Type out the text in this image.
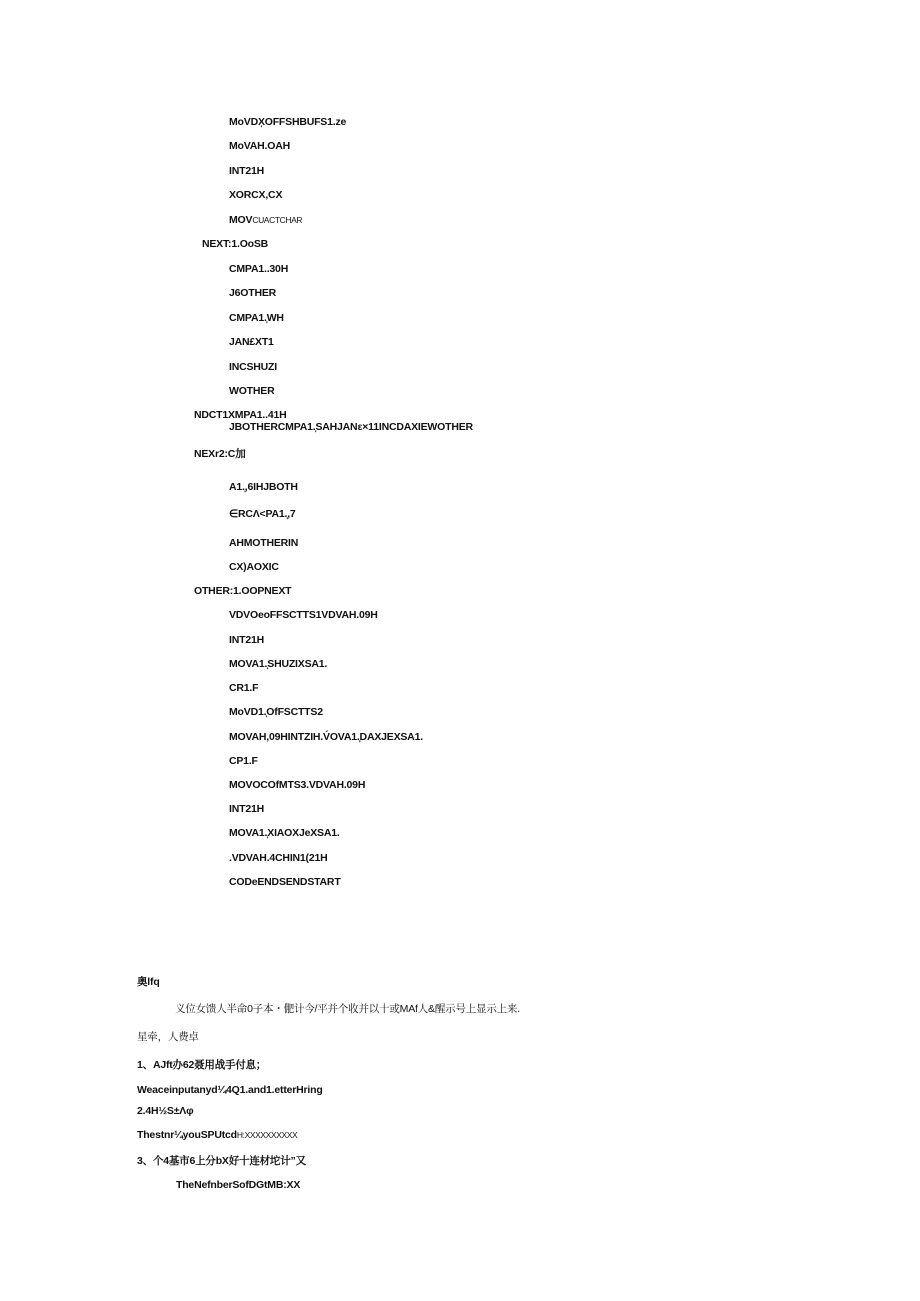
MoVDX̦OFFSHBUFS1.ze
MoVAH.OAH
INT21H
XORCX,CX
MOVCUACTCHAR
NEXT:1.OoSB
CMPA1..30H
J6OTHER
CMPA1.̦WH
JAN£XT1
INCSHUZI
WOTHER
NDCT1XMPA1..41H
JBOTHERCMPA1.̦SAHJANε×11INCDAXIEWOTHER
NEXr2:C加
A1.̦,6IHJBOTH
∈RCΛ<PA1.̦,7
AHMOTHERIN
CX)AOXIC
OTHER:1.OOPNEXT
VDVOeoFFSCTTS1VDVAH.09H
INT21H
MOVA1.̦SHUZIXSA1.
CR1.F
MoVD1.̦OfFSCTTS2
MOVAH,09HINTZIH.V́OVA1.̦DAXJEXSA1.
CP1.F
MOVOCOfMTS3.VDVAH.09H
INT21H
MOVA1.̦XIAOXJeXSA1.
.VDVAH.4CHIN1(21H
CODeENDSENDSTART
奥lfq
义位女馈人半命0子本・俷计今/平并个收并以十或MAf人&醒示号上显示上来.
星牵，人费卓
1、AJft办62聂用战手付息；
Weaceinputanyd¼4Q1.and1.etterHring
2.4H½S±Λφ
Thestnr¼youSPUtcdH:XXXXXXXXXX
3、个4基市6上分bX好十连材坨计”又
TheNefnberSofDGtMB:XX
